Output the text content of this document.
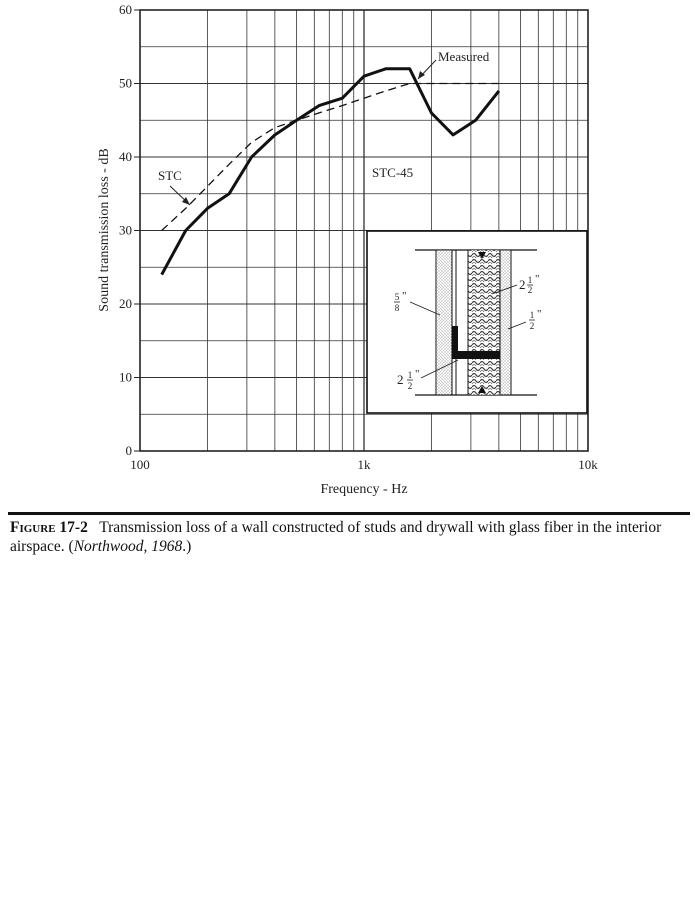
0
10
20
30
40
50
60
100	1k	10k
Frequency - Hz
Sound transmission loss - dB
Measured
STC	STC-45
2 1
2
"
1
2
"
5
8
"
2 1
2
"
Figure 17-2 Transmission loss of a wall constructed of studs and drywall with glass fiber in the interior airspace. (Northwood, 1968.)
